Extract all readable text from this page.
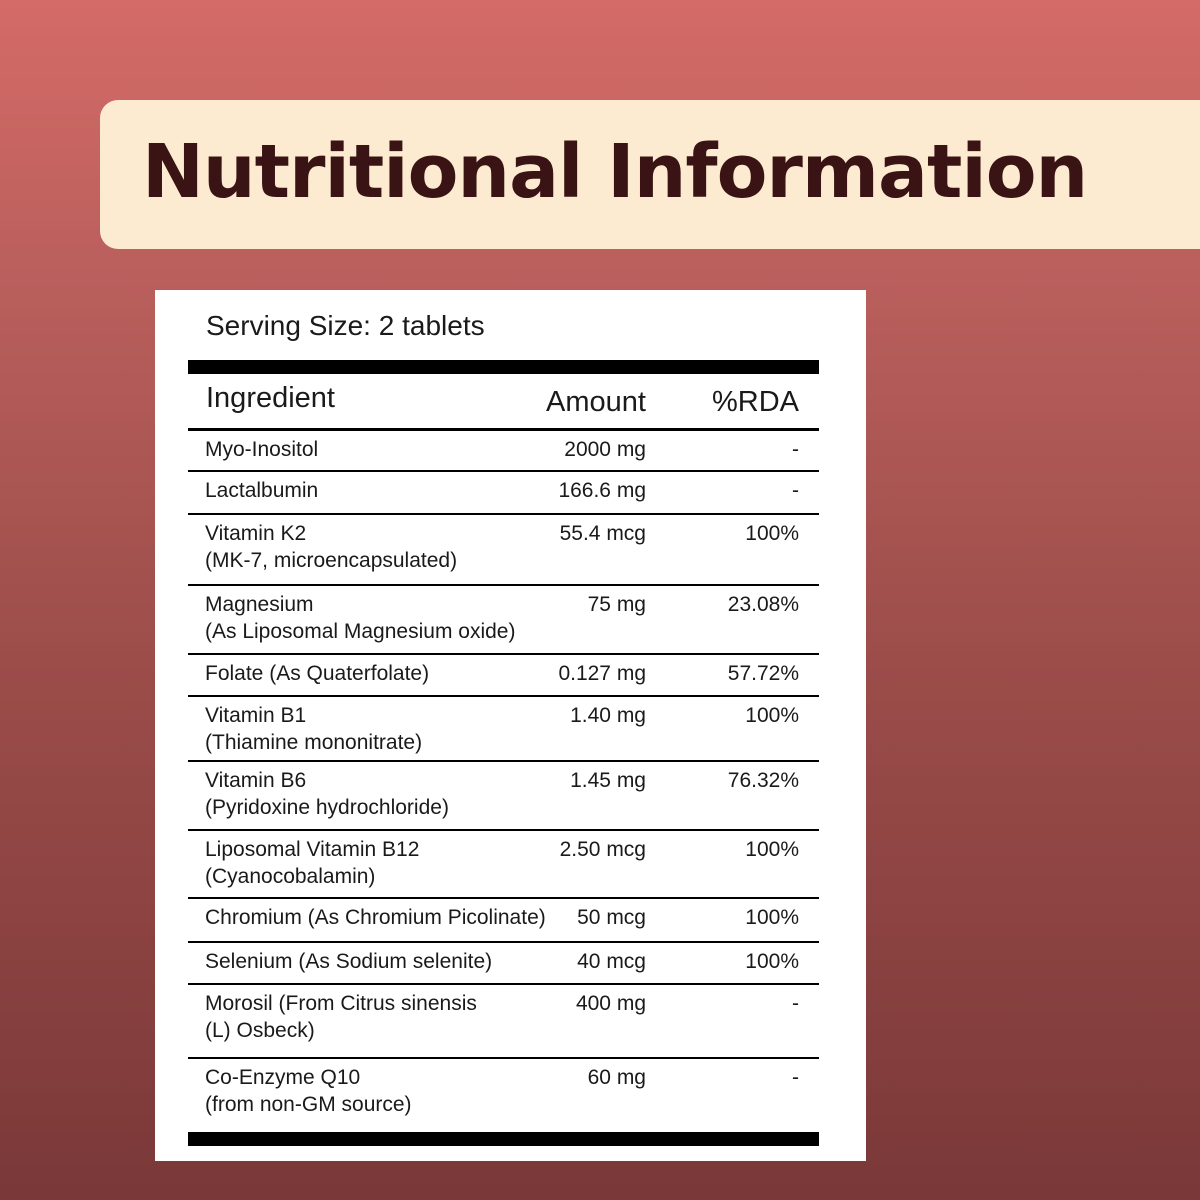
Nutritional Information
Serving Size: 2 tablets
Ingredient	Amount %RDA
Myo-Inositol	2000 mg	-
Lactalbumin	166.6 mg	-
Vitamin K2
(MK-7, microencapsulated)
55.4 mcg	100%
Magnesium
(As Liposomal Magnesium oxide)
75 mg	23.08%
Folate (As Quaterfolate)	0.127 mg	57.72%
Vitamin B1
(Thiamine mononitrate)
1.40 mg	100%
Vitamin B6
(Pyridoxine hydrochloride)
1.45 mg	76.32%
Liposomal Vitamin B12
(Cyanocobalamin)
2.50 mcg	100%
Chromium (As Chromium Picolinate) 50 mcg	100%
Selenium (As Sodium selenite)	40 mcg	100%
Morosil (From Citrus sinensis
(L) Osbeck)
400 mg	-
Co-Enzyme Q10
(from non-GM source)
60 mg	-
